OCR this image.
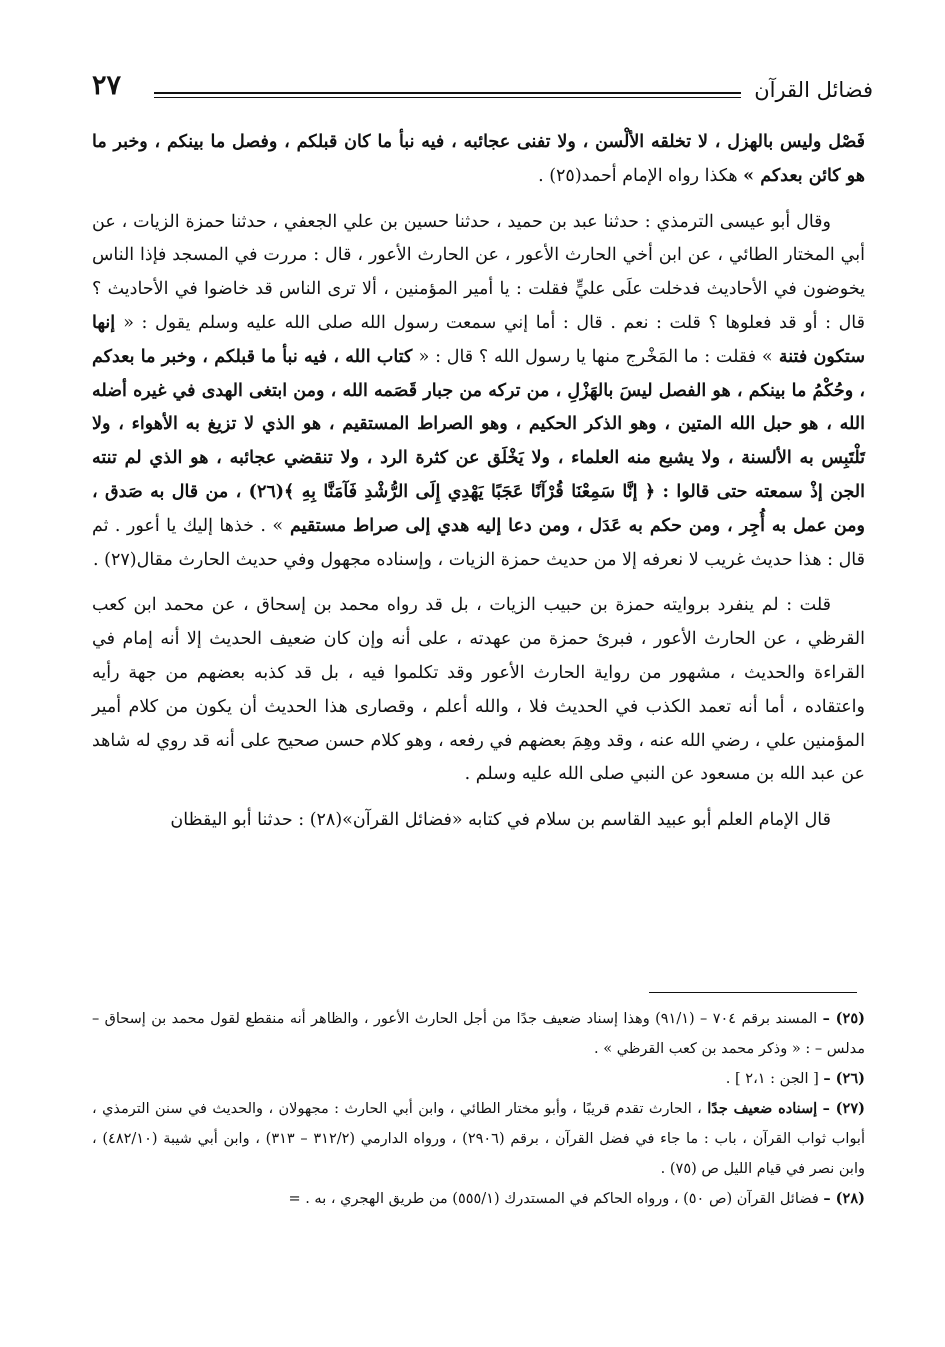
فضائل القرآن
٢٧

فَصْل وليس بالهزل ، لا تخلقه الألْسن ، ولا تفنى عجائبه ، فيه نبأ ما كان قبلكم ، وفصل ما بينكم ، وخبر ما هو كائن بعدكم » هكذا رواه الإمام أحمد(٢٥) .

وقال أبو عيسى الترمذي : حدثنا عبد بن حميد ، حدثنا حسين بن علي الجعفي ، حدثنا حمزة الزيات ، عن أبي المختار الطائي ، عن ابن أخي الحارث الأعور ، عن الحارث الأعور ، قال : مررت في المسجد فإذا الناس يخوضون في الأحاديث فدخلت علَى عليٍّ فقلت : يا أمير المؤمنين ، ألا ترى الناس قد خاضوا في الأحاديث ؟ قال : أو قد فعلوها ؟ قلت : نعم . قال : أما إني سمعت رسول الله صلى الله عليه وسلم يقول : « إنها ستكون فتنة » فقلت : ما المَخْرج منها يا رسول الله ؟ قال : « كتاب الله ، فيه نبأ ما قبلكم ، وخبر ما بعدكم ، وحُكْمُ ما بينكم ، هو الفصل ليسَ بالهَزْلِ ، من تركه من جبار قَصَمه الله ، ومن ابتغى الهدى في غيره أضله الله ، هو حبل الله المتين ، وهو الذكر الحكيم ، وهو الصراط المستقيم ، هو الذي لا تزيغ به الأهواء ، ولا تَلْتَبِس به الألسنة ، ولا يشبع منه العلماء ، ولا يَخْلَق عن كثرة الرد ، ولا تنقضي عجائبه ، هو الذي لم تنته الجن إذْ سمعته حتى قالوا : ﴿ إنَّا سَمِعْنَا قُرْآنًا عَجَبًا يَهْدِي إِلَى الرُّشْدِ فَآمَنَّا بِهِ ﴾(٢٦) ، من قال به صَدق ، ومن عمل به أُجِر ، ومن حكم به عَدَل ، ومن دعا إليه هدي إلى صراط مستقيم » . خذها إليك يا أعور . ثم قال : هذا حديث غريب لا نعرفه إلا من حديث حمزة الزيات ، وإسناده مجهول وفي حديث الحارث مقال(٢٧) .

قلت : لم ينفرد بروايته حمزة بن حبيب الزيات ، بل قد رواه محمد بن إسحاق ، عن محمد ابن كعب القرظي ، عن الحارث الأعور ، فبرئ حمزة من عهدته ، على أنه وإن كان ضعيف الحديث إلا أنه إمام في القراءة والحديث ، مشهور من رواية الحارث الأعور وقد تكلموا فيه ، بل قد كذبه بعضهم من جهة رأيه واعتقاده ، أما أنه تعمد الكذب في الحديث فلا ، والله أعلم ، وقصارى هذا الحديث أن يكون من كلام أمير المؤمنين علي ، رضي الله عنه ، وقد وهِمَ بعضهم في رفعه ، وهو كلام حسن صحيح على أنه قد روي له شاهد عن عبد الله بن مسعود عن النبي صلى الله عليه وسلم .

قال الإمام العلم أبو عبيد القاسم بن سلام في كتابه «فضائل القرآن»(٢٨) : حدثنا أبو اليقظان

(٢٥) – المسند برقم ٧٠٤ – (٩١/١) وهذا إسناد ضعيف جدًا من أجل الحارث الأعور ، والظاهر أنه منقطع لقول محمد بن إسحاق – مدلس – : « وذكر محمد بن كعب القرظي » .

(٢٦) – [ الجن : ٢،١ ] .

(٢٧) – إسناده ضعيف جدًا ، الحارث تقدم قريبًا ، وأبو مختار الطائي ، وابن أبي الحارث : مجهولان ، والحديث في سنن الترمذي ، أبواب ثواب القرآن ، باب : ما جاء في فضل القرآن ، برقم (٢٩٠٦) ، ورواه الدارمي (٣١٢/٢ – ٣١٣) ، وابن أبي شيبة (٤٨٢/١٠) ، وابن نصر في قيام الليل ص (٧٥) .

(٢٨) – فضائل القرآن (ص ٥٠) ، ورواه الحاكم في المستدرك (٥٥٥/١) من طريق الهجري ، به . =
